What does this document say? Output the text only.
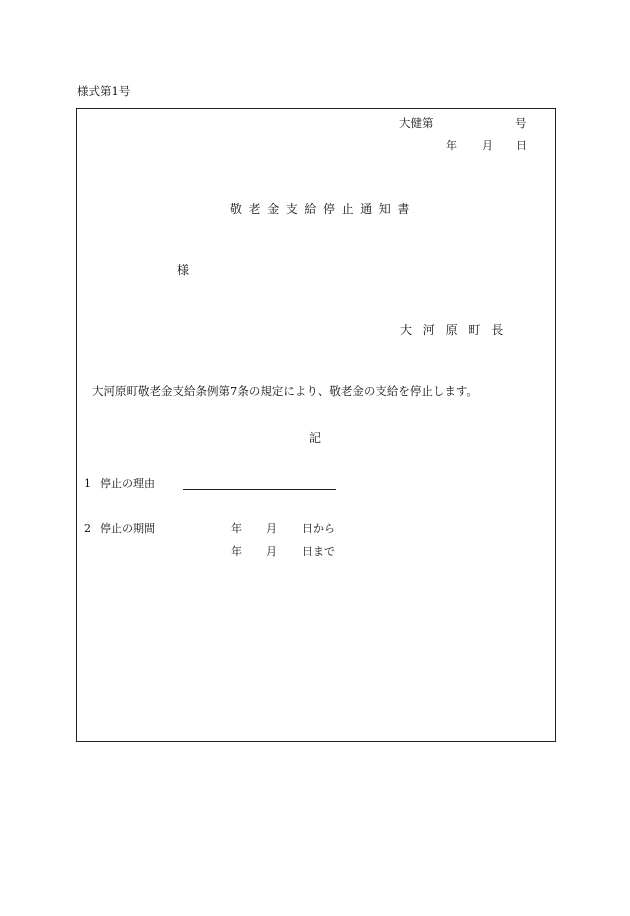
様式第1号
大健第	号
年 月 日
敬老金支給停止通知書
様
大河原町長
大河原町敬老金支給条例第7条の規定により、敬老金の支給を停止します。
記
1 停止の理由
2 停止の期間	年 月 日から
年 月 日まで
